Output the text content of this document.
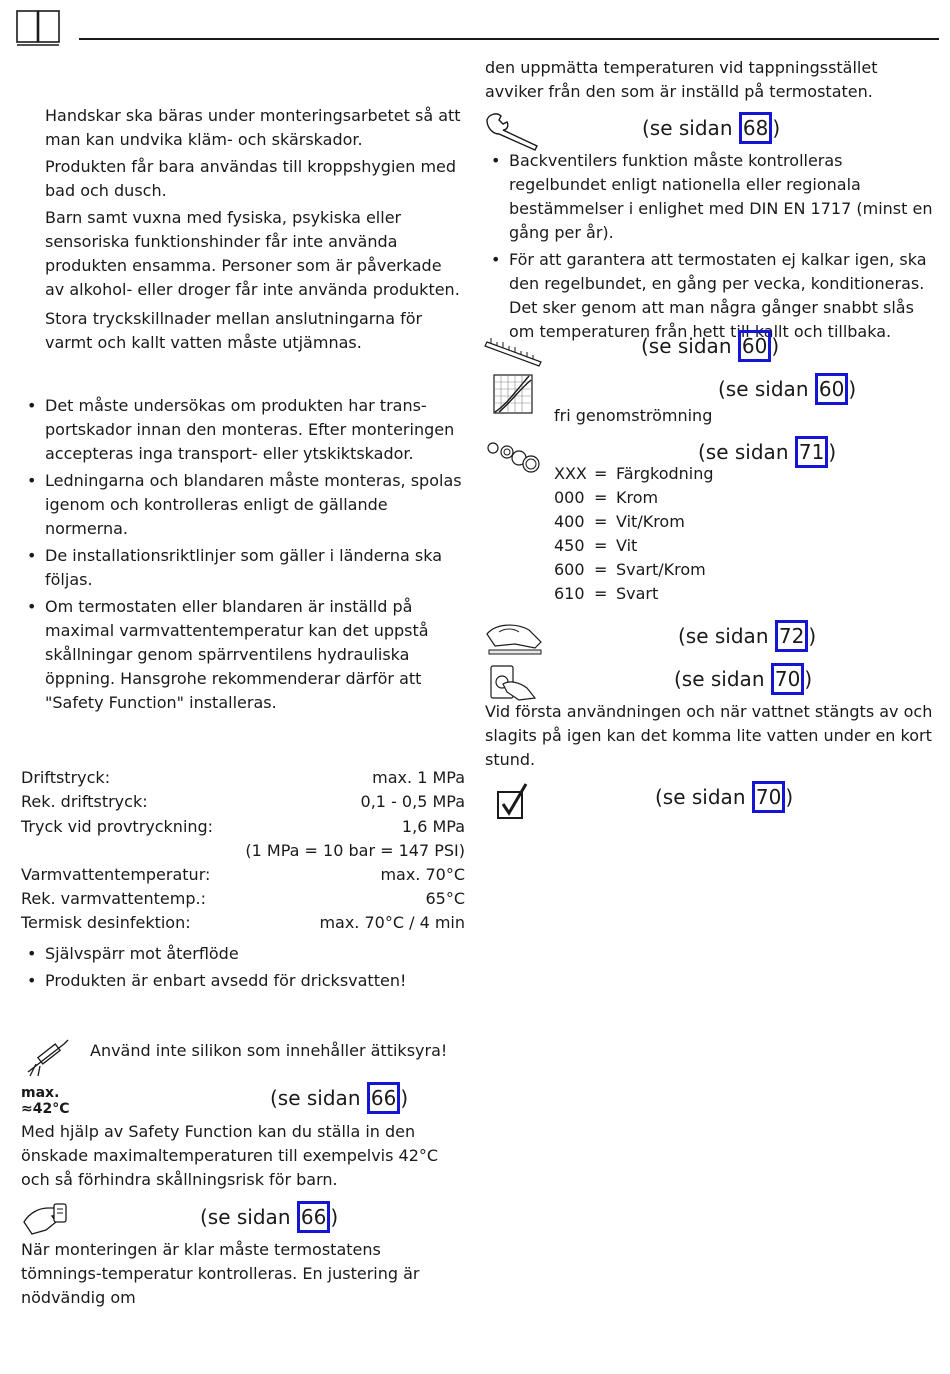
Handskar ska bäras under monteringsarbetet så att man kan undvika kläm- och skärskador.

Produkten får bara användas till kroppshygien med bad och dusch.

Barn samt vuxna med fysiska, psykiska eller sensoriska funktionshinder får inte använda produkten ensamma. Personer som är påverkade av alkohol- eller droger får inte använda produkten.

Stora tryckskillnader mellan anslutningarna för varmt och kallt vatten måste utjämnas.

• Det måste undersökas om produkten har trans-portskador innan den monteras. Efter monteringen accepteras inga transport- eller ytskiktskador.
• Ledningarna och blandaren måste monteras, spolas igenom och kontrolleras enligt de gällande normerna.
• De installationsriktlinjer som gäller i länderna ska följas.
• Om termostaten eller blandaren är inställd på maximal varmvattentemperatur kan det uppstå skållningar genom spärrventilens hydrauliska öppning. Hansgrohe rekommenderar därför att "Safety Function" installeras.
Driftstryck:	max. 1 MPa
Rek. driftstryck:	0,1 - 0,5 MPa
Tryck vid provtryckning:	1,6 MPa
(1 MPa = 10 bar = 147 PSI)
Varmvattentemperatur:	max. 70°C
Rek. varmvattentemp.:	65°C
Termisk desinfektion:	max. 70°C / 4 min
• Självspärr mot återflöde
• Produkten är enbart avsedd för dricksvatten!
Använd inte silikon som innehåller ättiksyra!
max.
≈42°C	(se sidan 66 )

Med hjälp av Safety Function kan du ställa in den önskade maximaltemperaturen till exempelvis 42°C och så förhindra skållningsrisk för barn.

(se sidan 66 )

När monteringen är klar måste termostatens tömnings-temperatur kontrolleras. En justering är nödvändig om

den uppmätta temperaturen vid tappningsstället avviker från den som är inställd på termostaten.

(se sidan 68 )
• Backventilers funktion måste kontrolleras regelbundet enligt nationella eller regionala bestämmelser i enlighet med DIN EN 1717 (minst en gång per år).
• För att garantera att termostaten ej kalkar igen, ska den regelbundet, en gång per vecka, konditioneras. Det sker genom att man några gånger snabbt slås om temperaturen från hett till kallt och tillbaka.
(se sidan 60 )
(se sidan 60 )
fri genomströmning
(se sidan 71 )
XXX = Färgkodning
000 = Krom
400 = Vit/Krom
450 = Vit
600 = Svart/Krom
610 = Svart
(se sidan 72 )
(se sidan 70 )

Vid första användningen och när vattnet stängts av och slagits på igen kan det komma lite vatten under en kort stund.

(se sidan 70 )
